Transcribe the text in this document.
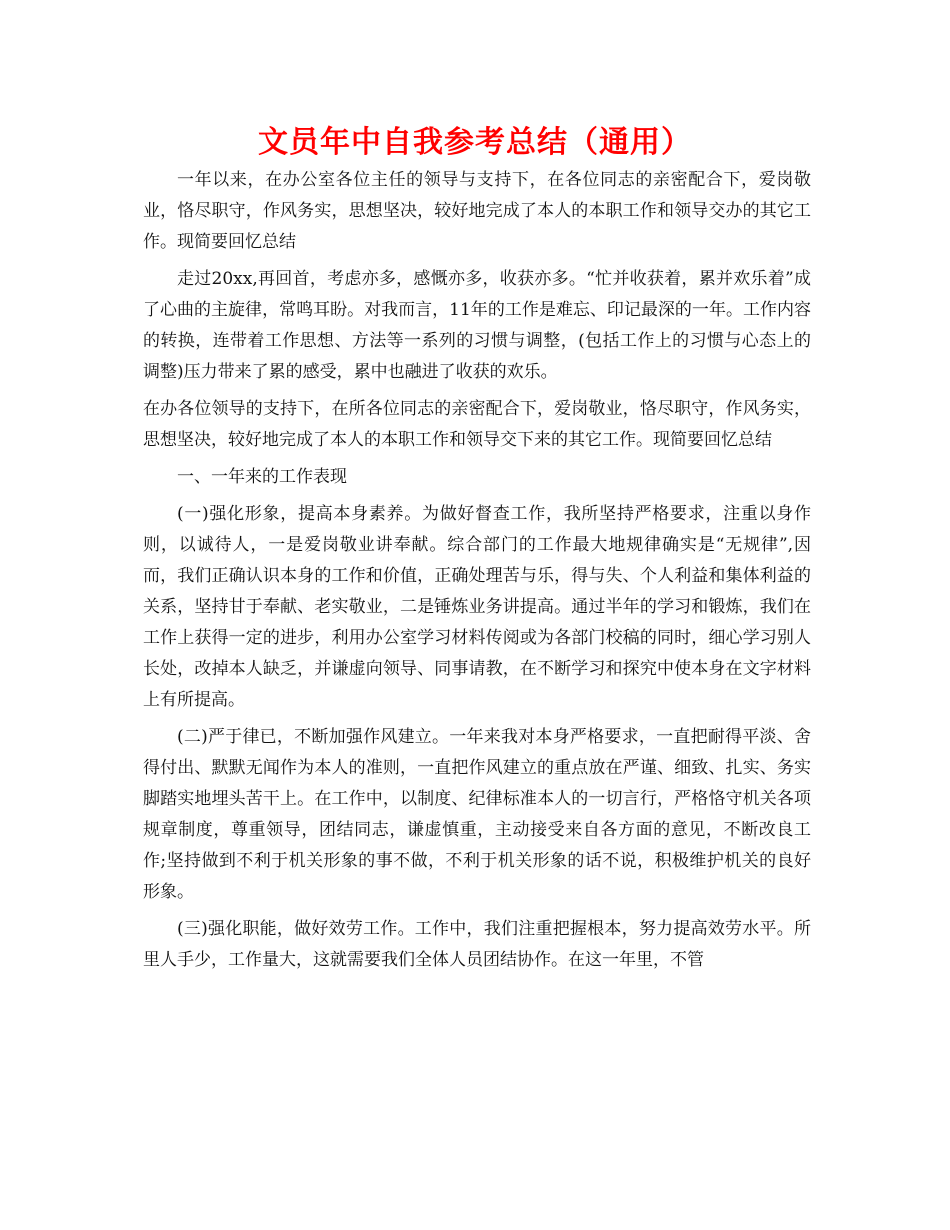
文员年中自我参考总结（通用）

一年以来，在办公室各位主任的领导与支持下，在各位同志的亲密配合下，爱岗敬业，恪尽职守，作风务实，思想坚决，较好地完成了本人的本职工作和领导交办的其它工作。现简要回忆总结

走过20xx,再回首，考虑亦多，感慨亦多，收获亦多。“忙并收获着，累并欢乐着”成了心曲的主旋律，常鸣耳盼。对我而言，11年的工作是难忘、印记最深的一年。工作内容的转换，连带着工作思想、方法等一系列的习惯与调整，(包括工作上的习惯与心态上的调整)压力带来了累的感受，累中也融进了收获的欢乐。

在办各位领导的支持下，在所各位同志的亲密配合下，爱岗敬业，恪尽职守，作风务实，思想坚决，较好地完成了本人的本职工作和领导交下来的其它工作。现简要回忆总结

一、一年来的工作表现

(一)强化形象，提高本身素养。为做好督查工作，我所坚持严格要求，注重以身作则，以诚待人，一是爱岗敬业讲奉献。综合部门的工作最大地规律确实是“无规律”,因而，我们正确认识本身的工作和价值，正确处理苦与乐，得与失、个人利益和集体利益的关系，坚持甘于奉献、老实敬业，二是锤炼业务讲提高。通过半年的学习和锻炼，我们在工作上获得一定的进步，利用办公室学习材料传阅或为各部门校稿的同时，细心学习别人长处，改掉本人缺乏，并谦虚向领导、同事请教，在不断学习和探究中使本身在文字材料上有所提高。

(二)严于律已，不断加强作风建立。一年来我对本身严格要求，一直把耐得平淡、舍得付出、默默无闻作为本人的准则，一直把作风建立的重点放在严谨、细致、扎实、务实脚踏实地埋头苦干上。在工作中，以制度、纪律标准本人的一切言行，严格恪守机关各项规章制度，尊重领导，团结同志，谦虚慎重，主动接受来自各方面的意见，不断改良工作;坚持做到不利于机关形象的事不做，不利于机关形象的话不说，积极维护机关的良好形象。

(三)强化职能，做好效劳工作。工作中，我们注重把握根本，努力提高效劳水平。所里人手少，工作量大，这就需要我们全体人员团结协作。在这一年里，不管
